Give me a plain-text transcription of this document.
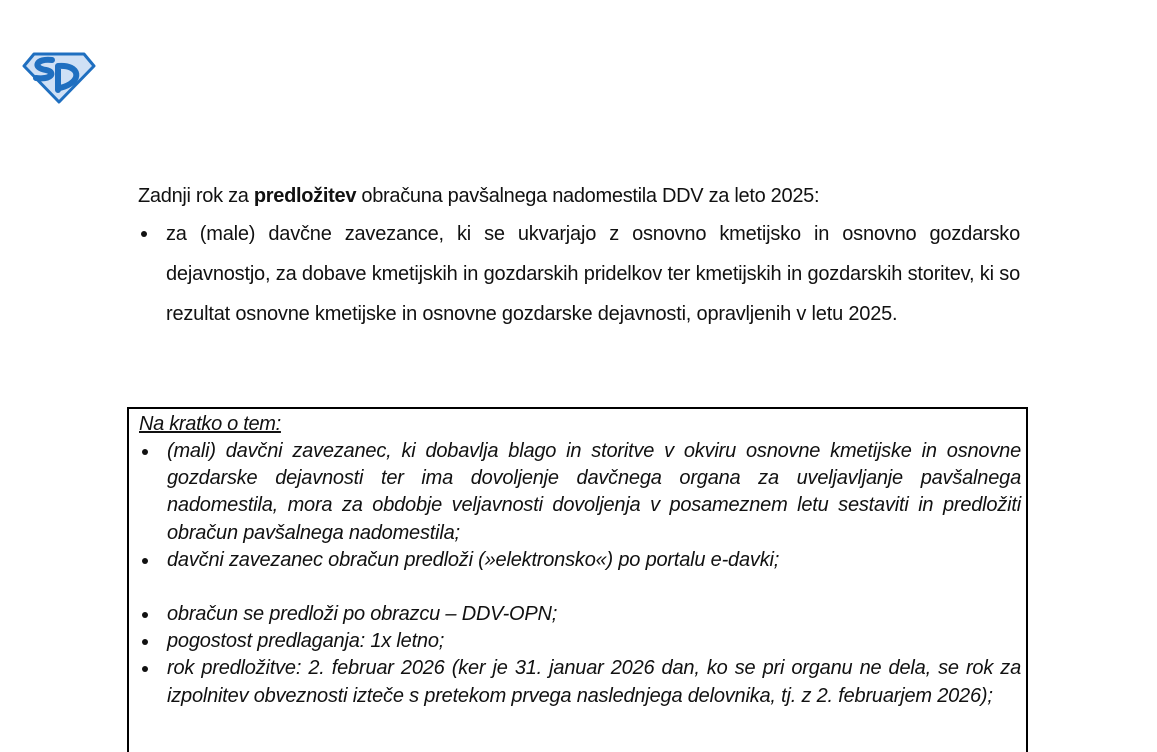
Zadnji rok za predložitev obračuna pavšalnega nadomestila DDV za leto 2025:
za (male) davčne zavezance, ki se ukvarjajo z osnovno kmetijsko in osnovno gozdarsko dejavnostjo, za dobave kmetijskih in gozdarskih pridelkov ter kmetijskih in gozdarskih storitev, ki so rezultat osnovne kmetijske in osnovne gozdarske dejavnosti, opravljenih v letu 2025.
Na kratko o tem:
(mali) davčni zavezanec, ki dobavlja blago in storitve v okviru osnovne kmetijske in osnovne gozdarske dejavnosti ter ima dovoljenje davčnega organa za uveljavljanje pavšalnega nadomestila, mora za obdobje veljavnosti dovoljenja v posameznem letu sestaviti in predložiti obračun pavšalnega nadomestila;
davčni zavezanec obračun predloži (»elektronsko«) po portalu e-davki;
obračun se predloži po obrazcu – DDV-OPN;
pogostost predlaganja: 1x letno;
rok predložitve: 2. februar 2026 (ker je 31. januar 2026 dan, ko se pri organu ne dela, se rok za izpolnitev obveznosti izteče s pretekom prvega naslednjega delovnika, tj. z 2. februarjem 2026);
